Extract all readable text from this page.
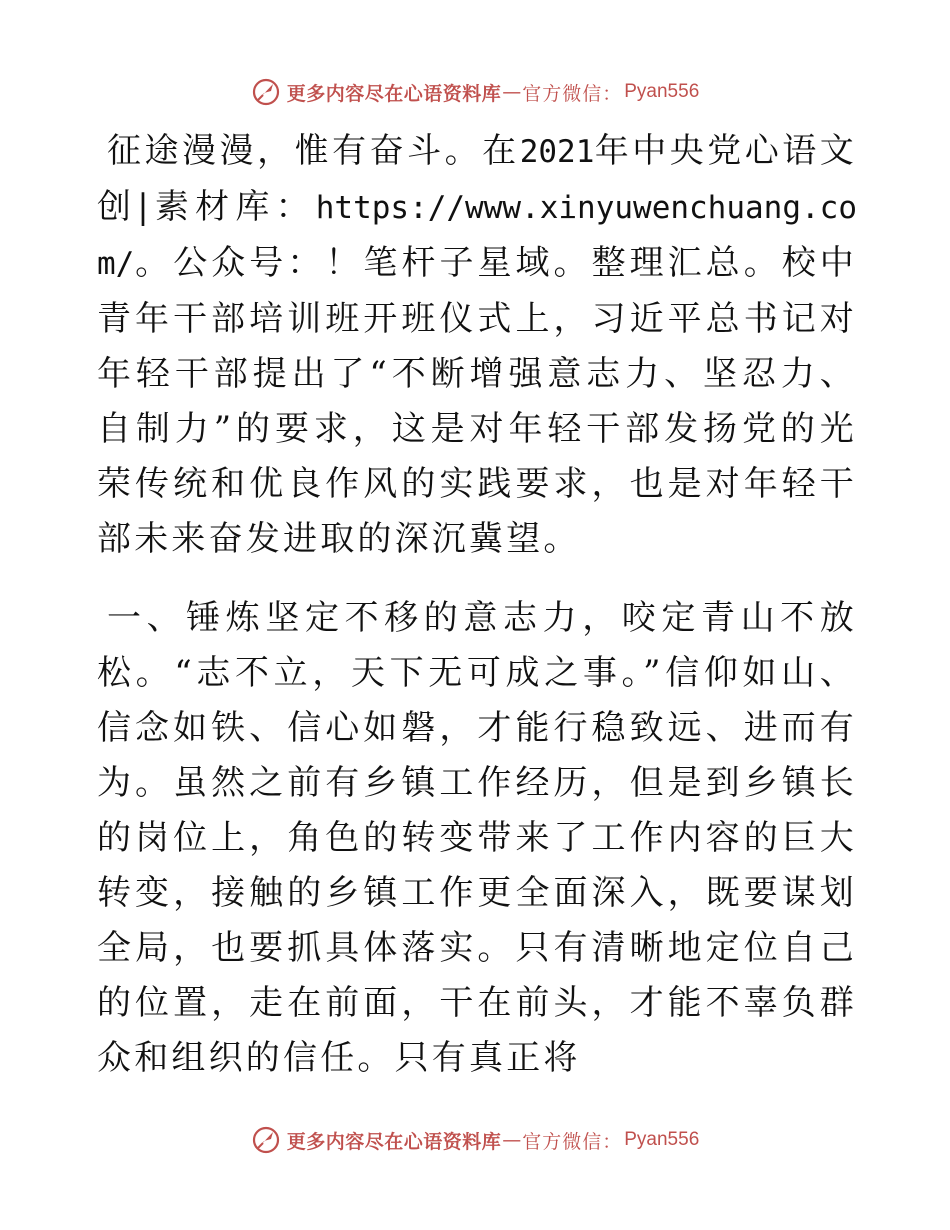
更多内容尽在心语资料库 — 官方微信： Pyan556

征途漫漫，惟有奋斗。在2021年中央党心语文创|素材库：https://www.xinyuwenchuang.com/。公众号：！笔杆子星域。整理汇总。校中青年干部培训班开班仪式上，习近平总书记对年轻干部提出了“不断增强意志力、坚忍力、自制力”的要求，这是对年轻干部发扬党的光荣传统和优良作风的实践要求，也是对年轻干部未来奋发进取的深沉冀望。

一、锤炼坚定不移的意志力，咬定青山不放松。“志不立，天下无可成之事。”信仰如山、信念如铁、信心如磐，才能行稳致远、进而有为。虽然之前有乡镇工作经历，但是到乡镇长的岗位上，角色的转变带来了工作内容的巨大转变，接触的乡镇工作更全面深入，既要谋划全局，也要抓具体落实。只有清晰地定位自己的位置，走在前面，干在前头，才能不辜负群众和组织的信任。只有真正将

更多内容尽在心语资料库 — 官方微信： Pyan556
